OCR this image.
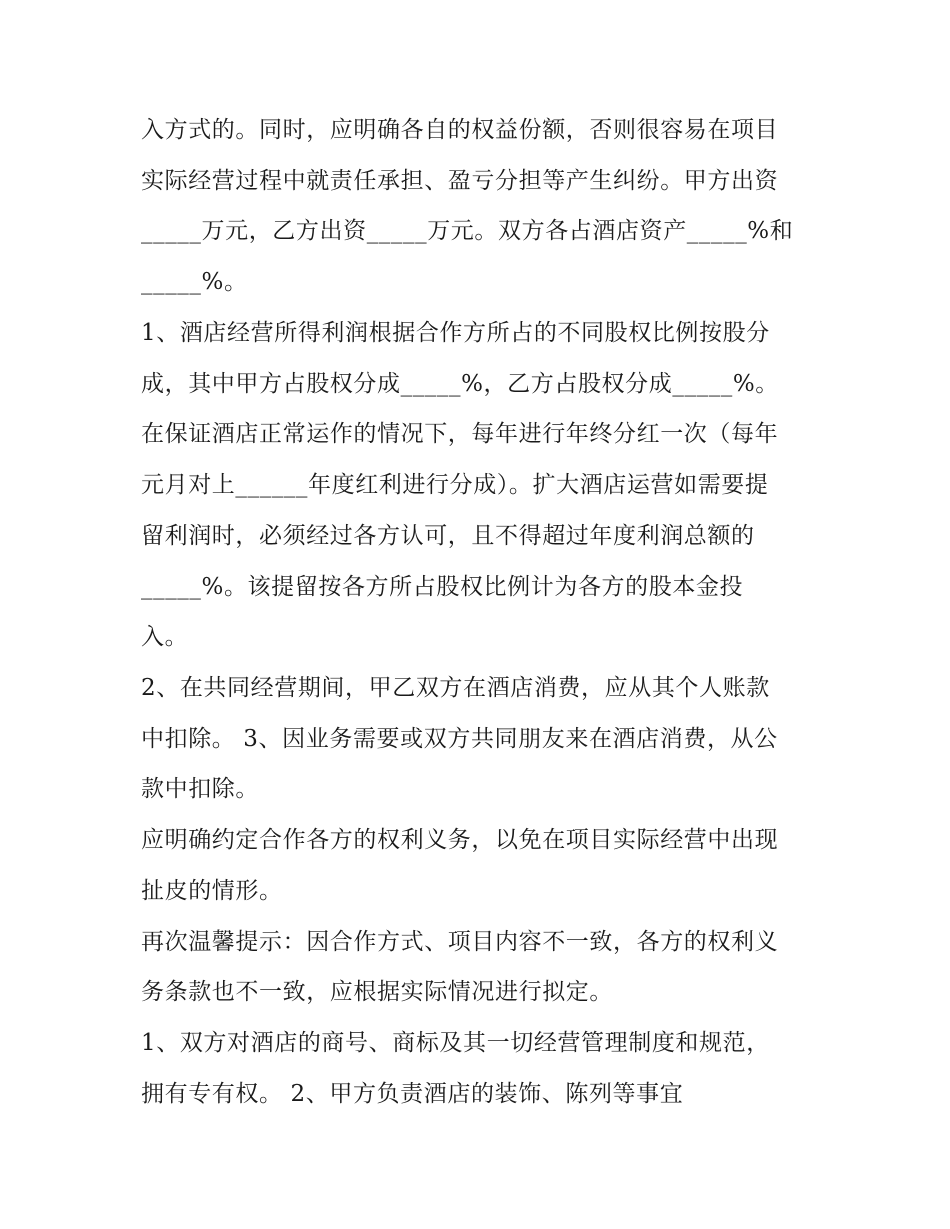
入方式的。同时，应明确各自的权益份额，否则很容易在项目

实际经营过程中就责任承担、盈亏分担等产生纠纷。甲方出资

_____万元，乙方出资_____万元。双方各占酒店资产_____%和

_____%。

1、酒店经营所得利润根据合作方所占的不同股权比例按股分

成，其中甲方占股权分成_____%，乙方占股权分成_____%。

在保证酒店正常运作的情况下，每年进行年终分红一次（每年

元月对上______年度红利进行分成）。扩大酒店运营如需要提

留利润时，必须经过各方认可，且不得超过年度利润总额的

_____%。该提留按各方所占股权比例计为各方的股本金投

入。

2、在共同经营期间，甲乙双方在酒店消费，应从其个人账款

中扣除。 3、因业务需要或双方共同朋友来在酒店消费，从公

款中扣除。

应明确约定合作各方的权利义务，以免在项目实际经营中出现

扯皮的情形。

再次温馨提示：因合作方式、项目内容不一致，各方的权利义

务条款也不一致，应根据实际情况进行拟定。

1、双方对酒店的商号、商标及其一切经营管理制度和规范，

拥有专有权。 2、甲方负责酒店的装饰、陈列等事宜
